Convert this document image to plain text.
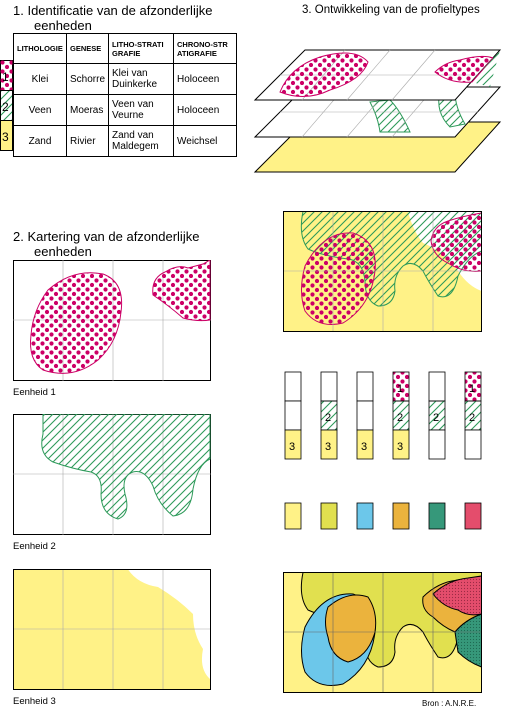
1. Identificatie van de afzonderlijke
eenheden
1
2
3
LITHOLOGIE	GENESE	LITHO-STRATI GRAFIE	CHRONO-STR ATIGRAFIE
Klei	Schorre	Klei van Duinkerke	Holoceen
Veen	Moeras	Veen van Veurne	Holoceen
Zand	Rivier	Zand van Maldegem	Weichsel
3. Ontwikkeling van de profieltypes
2. Kartering van de afzonderlijke
eenheden
Eenheid 1
Eenheid 2
Eenheid 3
3
2
3	3
1
2
3
2
1
2
Bron : A.N.R.E.
